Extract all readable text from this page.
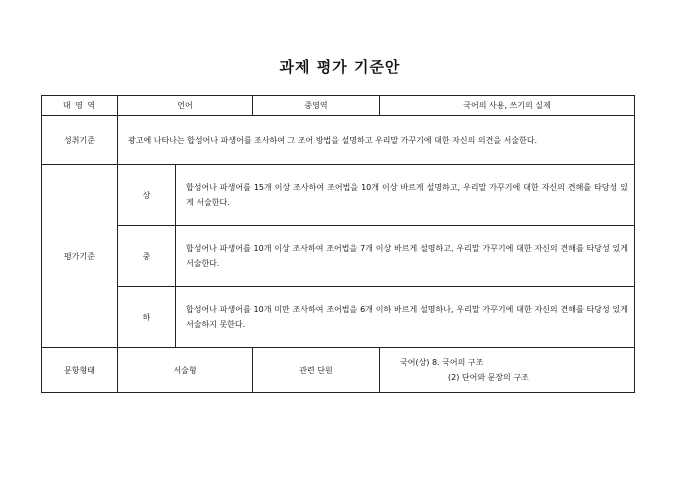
과제 평가 기준안
대 영 역	언어		중영역	국어의 사용, 쓰기의 실제
성취기준	광고에 나타나는 합성어나 파생어를 조사하여 그 조어 방법을 설명하고 우리말 가꾸기에 대한 자신의 의견을 서술한다.			
평가기준	상	합성어나 파생어를 15개 이상 조사하여 조어법을 10개 이상 바르게 설명하고, 우리말 가꾸기에 대한 자신의 견해를 타당성 있게 서술한다.		
	중	합성어나 파생어를 10개 이상 조사하여 조어법을 7개 이상 바르게 설명하고, 우리말 가꾸기에 대한 자신의 견해를 타당성 있게 서술한다.		
	하	합성어나 파생어를 10개 미만 조사하여 조어법을 6개 이하 바르게 설명하나, 우리말 가꾸기에 대한 자신의 견해를 타당성 있게 서술하지 못한다.		
문항형태	서술형		관련 단원	국어(상) 8. 국어의 구조
(2) 단어와 문장의 구조
